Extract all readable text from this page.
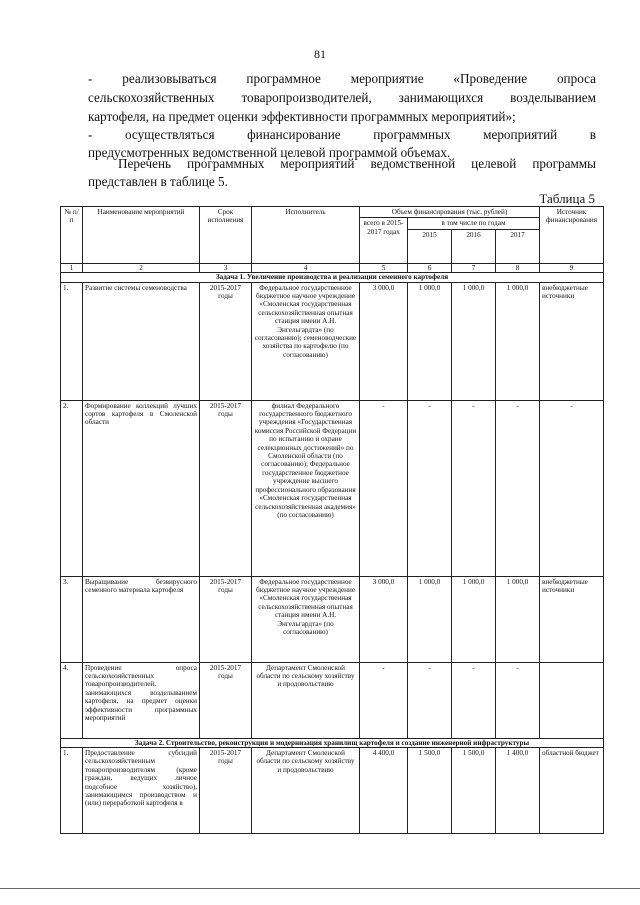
81

- реализовываться программное мероприятие «Проведение опроса

сельскохозяйственных товаропроизводителей, занимающихся возделыванием

картофеля, на предмет оценки эффективности программных мероприятий»;

- осуществляться финансирование программных мероприятий в

предусмотренных ведомственной целевой программой объемах.

Перечень программных мероприятий ведомственной целевой программы

представлен в таблице 5.

Таблица 5
№ п/п	Наименование мероприятий	Срок исполнения	Исполнитель	Объем финансирования (тыс. рублей)				Источник финансирования
				всего в 2015-2017 годах	в том числе по годам			
					2015	2016	2017	
1	2	3	4	5	6	7	8	9
Задача 1. Увеличение производства и реализации семенного картофеля								
1.	Развитие системы семеноводства	2015-2017 годы	Федеральное государственное бюджетное научное учреждение «Смоленская государственная сельскохозяйственная опытная станция имени А.Н. Энгельгардта» (по согласованию); семеноводческие хозяйства по картофелю (по согласованию)	3 000,0	1 000,0	1 000,0	1 000,0	внебюджетные источники
2.	Формирование коллекций лучших сортов картофеля в Смоленской области	2015-2017 годы	филиал Федерального государственного бюджетного учреждения «Государственная комиссия Российской Федерации по испытанию и охране селекционных достижений» по Смоленской области (по согласованию); Федеральное государственное бюджетное учреждение высшего профессионального образования «Смоленская государственная сельскохозяйственная академия» (по согласованию)	-	-	-	-	-
3.	Выращивание безвирусного семенного материала картофеля	2015-2017 годы	Федеральное государственное бюджетное научное учреждение «Смоленская государственная сельскохозяйственная опытная станция имени А.Н. Энгельгардта» (по согласованию)	3 000,0	1 000,0	1 000,0	1 000,0	внебюджетные источники
4.	Проведение опроса сельскохозяйственных товаропроизводителей, занимающихся возделыванием картофеля, на предмет оценки эффективности программных мероприятий	2015-2017 годы	Департамент Смоленской области по сельскому хозяйству и продовольствию	-	-	-	-	
Задача 2. Строительство, реконструкция и модернизация хранилищ картофеля и создание инженерной инфраструктуры								
1.	Предоставление субсидий сельскохозяйственным товаропроизводителям (кроме граждан, ведущих личное подсобное хозяйство), занимающимся производством и (или) переработкой картофеля в	2015-2017 годы	Департамент Смоленской области по сельскому хозяйству и продовольствию	4 400,0	1 500,0	1 500,0	1 400,0	областной бюджет
